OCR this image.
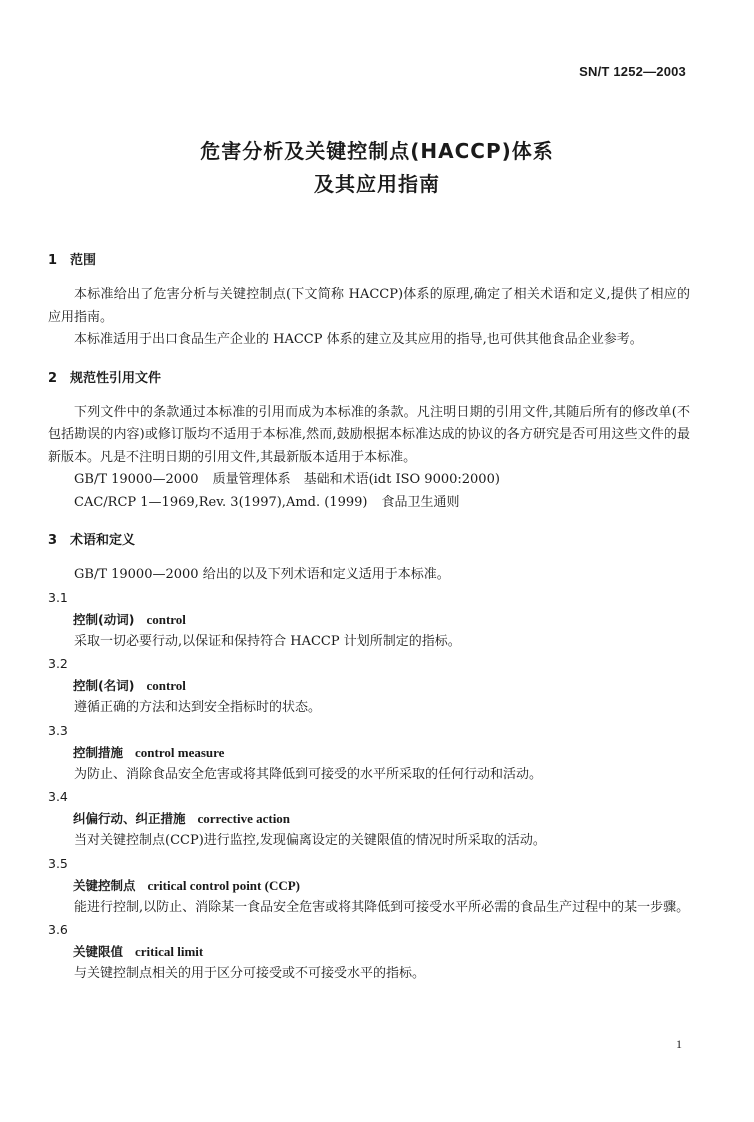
SN/T 1252—2003
危害分析及关键控制点(HACCP)体系
及其应用指南
1 范围

本标准给出了危害分析与关键控制点(下文简称 HACCP)体系的原理,确定了相关术语和定义,提供了相应的应用指南。

本标准适用于出口食品生产企业的 HACCP 体系的建立及其应用的指导,也可供其他食品企业参考。

2 规范性引用文件

下列文件中的条款通过本标准的引用而成为本标准的条款。凡注明日期的引用文件,其随后所有的修改单(不包括勘误的内容)或修订版均不适用于本标准,然而,鼓励根据本标准达成的协议的各方研究是否可用这些文件的最新版本。凡是不注明日期的引用文件,其最新版本适用于本标准。

GB/T 19000—2000 质量管理体系　基础和术语(idt ISO 9000:2000)

CAC/RCP 1—1969,Rev. 3(1997),Amd. (1999) 食品卫生通则

3 术语和定义

GB/T 19000—2000 给出的以及下列术语和定义适用于本标准。

3.1
控制(动词) control

采取一切必要行动,以保证和保持符合 HACCP 计划所制定的指标。

3.2
控制(名词) control

遵循正确的方法和达到安全指标时的状态。

3.3
控制措施 control measure

为防止、消除食品安全危害或将其降低到可接受的水平所采取的任何行动和活动。

3.4
纠偏行动、纠正措施 corrective action

当对关键控制点(CCP)进行监控,发现偏离设定的关键限值的情况时所采取的活动。

3.5
关键控制点 critical control point (CCP)

能进行控制,以防止、消除某一食品安全危害或将其降低到可接受水平所必需的食品生产过程中的某一步骤。

3.6
关键限值 critical limit

与关键控制点相关的用于区分可接受或不可接受水平的指标。

1
